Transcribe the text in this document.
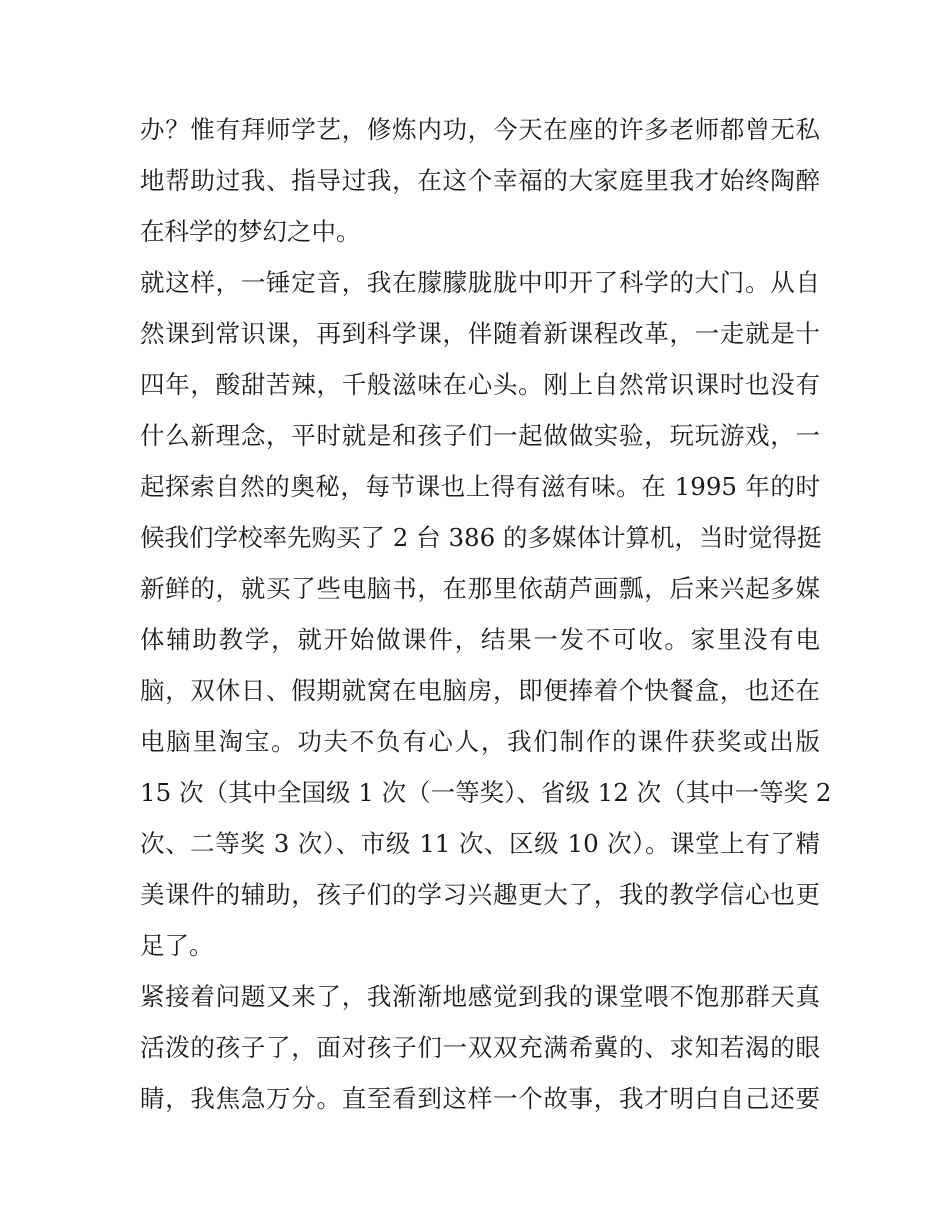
办？惟有拜师学艺，修炼内功，今天在座的许多老师都曾无私
地帮助过我、指导过我，在这个幸福的大家庭里我才始终陶醉
在科学的梦幻之中。
就这样，一锤定音，我在朦朦胧胧中叩开了科学的大门。从自
然课到常识课，再到科学课，伴随着新课程改革，一走就是十
四年，酸甜苦辣，千般滋味在心头。刚上自然常识课时也没有
什么新理念，平时就是和孩子们一起做做实验，玩玩游戏，一
起探索自然的奥秘，每节课也上得有滋有味。在 1995 年的时
候我们学校率先购买了 2 台 386 的多媒体计算机，当时觉得挺
新鲜的，就买了些电脑书，在那里依葫芦画瓢，后来兴起多媒
体辅助教学，就开始做课件，结果一发不可收。家里没有电
脑，双休日、假期就窝在电脑房，即便捧着个快餐盒，也还在
电脑里淘宝。功夫不负有心人，我们制作的课件获奖或出版
15 次（其中全国级 1 次（一等奖）、省级 12 次（其中一等奖 2
次、二等奖 3 次）、市级 11 次、区级 10 次）。课堂上有了精
美课件的辅助，孩子们的学习兴趣更大了，我的教学信心也更
足了。
紧接着问题又来了，我渐渐地感觉到我的课堂喂不饱那群天真
活泼的孩子了，面对孩子们一双双充满希冀的、求知若渴的眼
睛，我焦急万分。直至看到这样一个故事，我才明白自己还要
